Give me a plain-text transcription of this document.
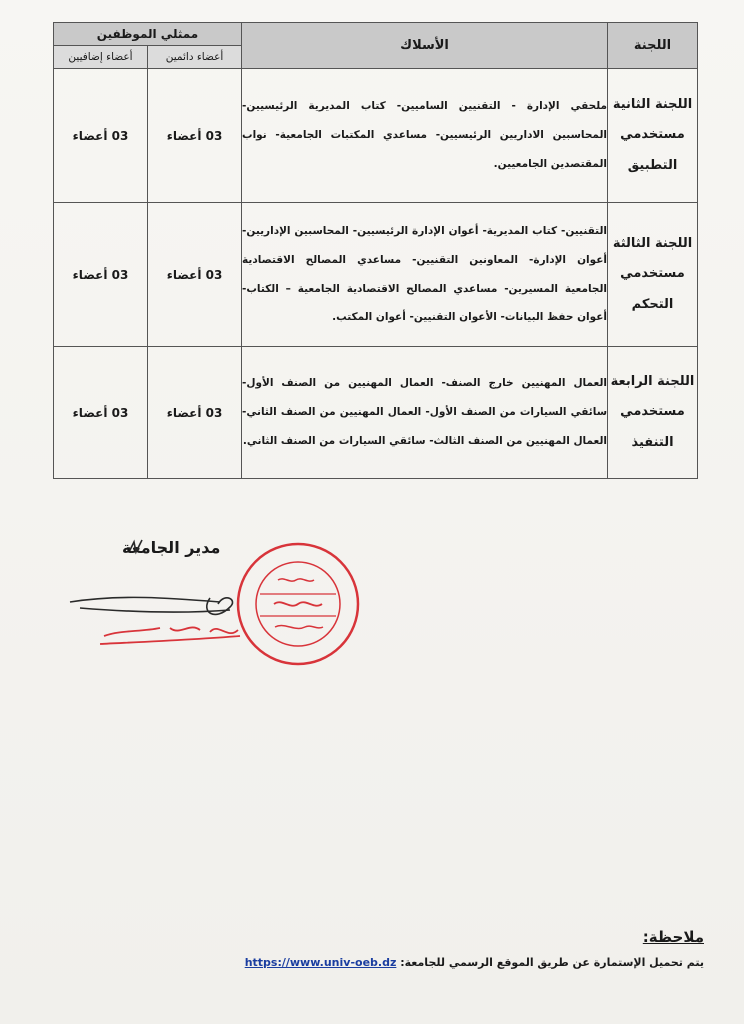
اللجنة	الأسلاك	ممثلي الموظفين	
		أعضاء دائمين	أعضاء إضافيين
اللجنة الثانية مستخدمي التطبيق	ملحقي الإدارة - التقنيين الساميين- كتاب المديرية الرئيسيين- المحاسبين الاداريين الرئيسيين- مساعدي المكتبات الجامعية- نواب المقتصدين الجامعيين.	03 أعضاء	03 أعضاء
اللجنة الثالثة مستخدمي التحكم	التقنيين- كتاب المديرية- أعوان الإدارة الرئيسيين- المحاسبين الإداريين- أعوان الإدارة- المعاونين التقنيين- مساعدي المصالح الاقتصادية الجامعية المسيرين- مساعدي المصالح الاقتصادية الجامعية – الكتاب- أعوان حفظ البيانات- الأعوان التقنيين- أعوان المكتب.	03 أعضاء	03 أعضاء
اللجنة الرابعة مستخدمي التنفيذ	العمال المهنيين خارج الصنف- العمال المهنيين من الصنف الأول- سائقي السيارات من الصنف الأول- العمال المهنيين من الصنف الثاني- العمال المهنيين من الصنف الثالث- سائقي السيارات من الصنف الثاني.	03 أعضاء	03 أعضاء
مدير الجامعة
ملاحظة:
يتم تحميل الإستمارة عن طريق الموقع الرسمي للجامعة: https://www.univ-oeb.dz
